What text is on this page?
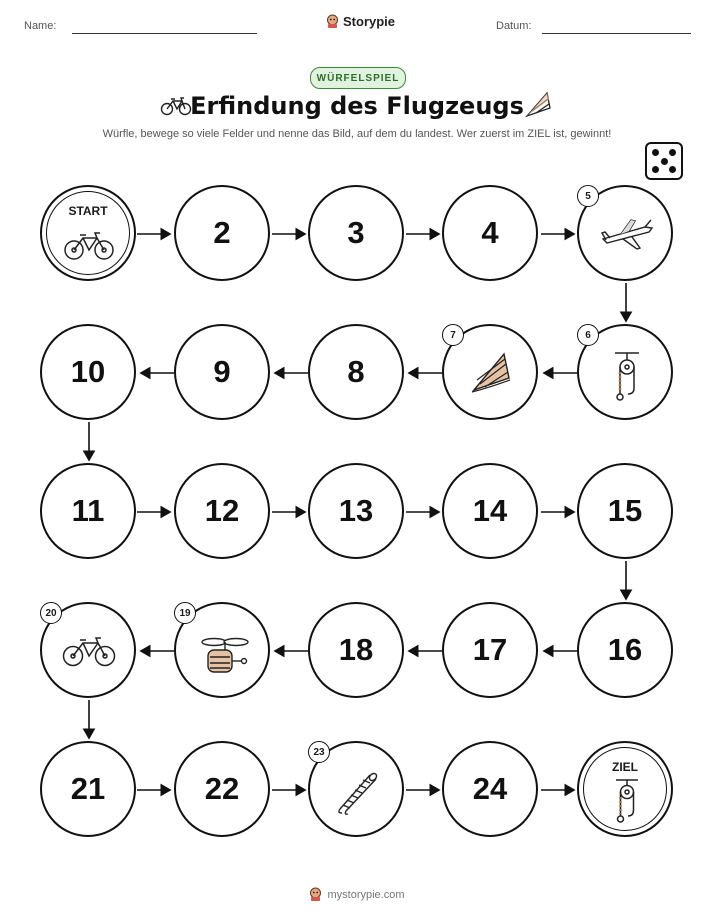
Name:	Storypie	Datum:
WÜRFELSPIEL
Erfindung des Flugzeugs
Würfle, bewege so viele Felder und nenne das Bild, auf dem du landest. Wer zuerst im ZIEL ist, gewinnt!
START
2	3	4
5
10	9	8
7	6
11	12	13	14	15
20	19
18	17	16
21	22
23
24
ZIEL
mystorypie.com
